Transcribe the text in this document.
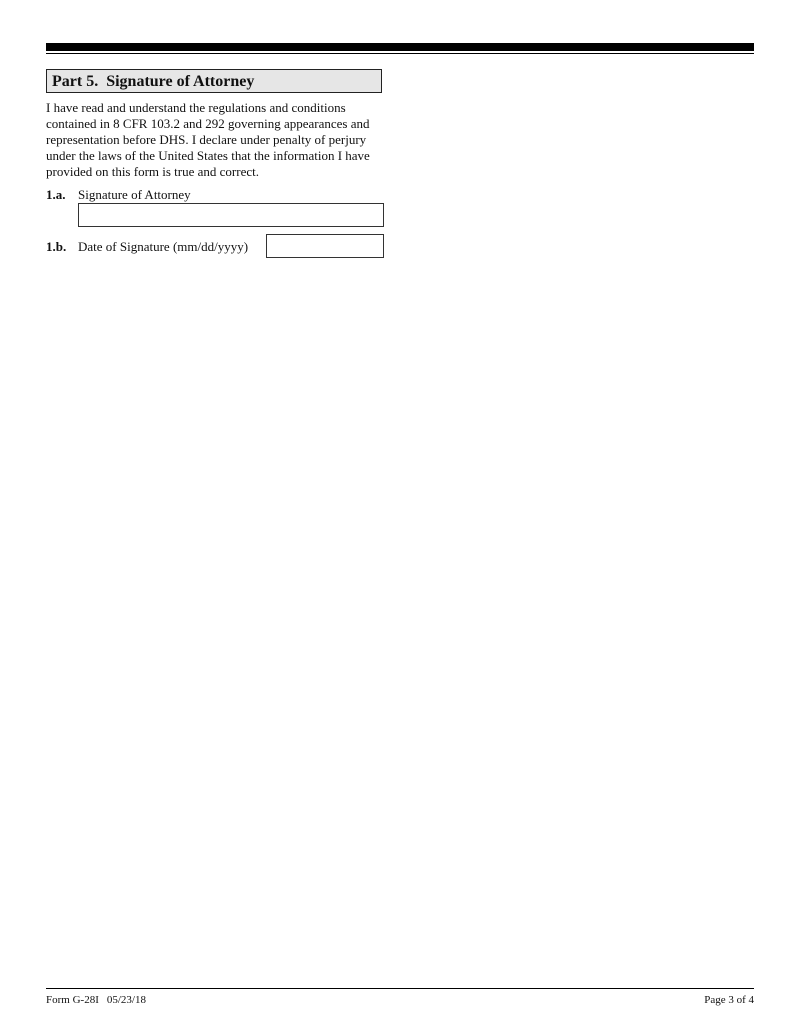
Part 5. Signature of Attorney
I have read and understand the regulations and conditions contained in 8 CFR 103.2 and 292 governing appearances and representation before DHS. I declare under penalty of perjury under the laws of the United States that the information I have provided on this form is true and correct.
1.a. Signature of Attorney
1.b. Date of Signature (mm/dd/yyyy)
Form G-28I 05/23/18	Page 3 of 4
